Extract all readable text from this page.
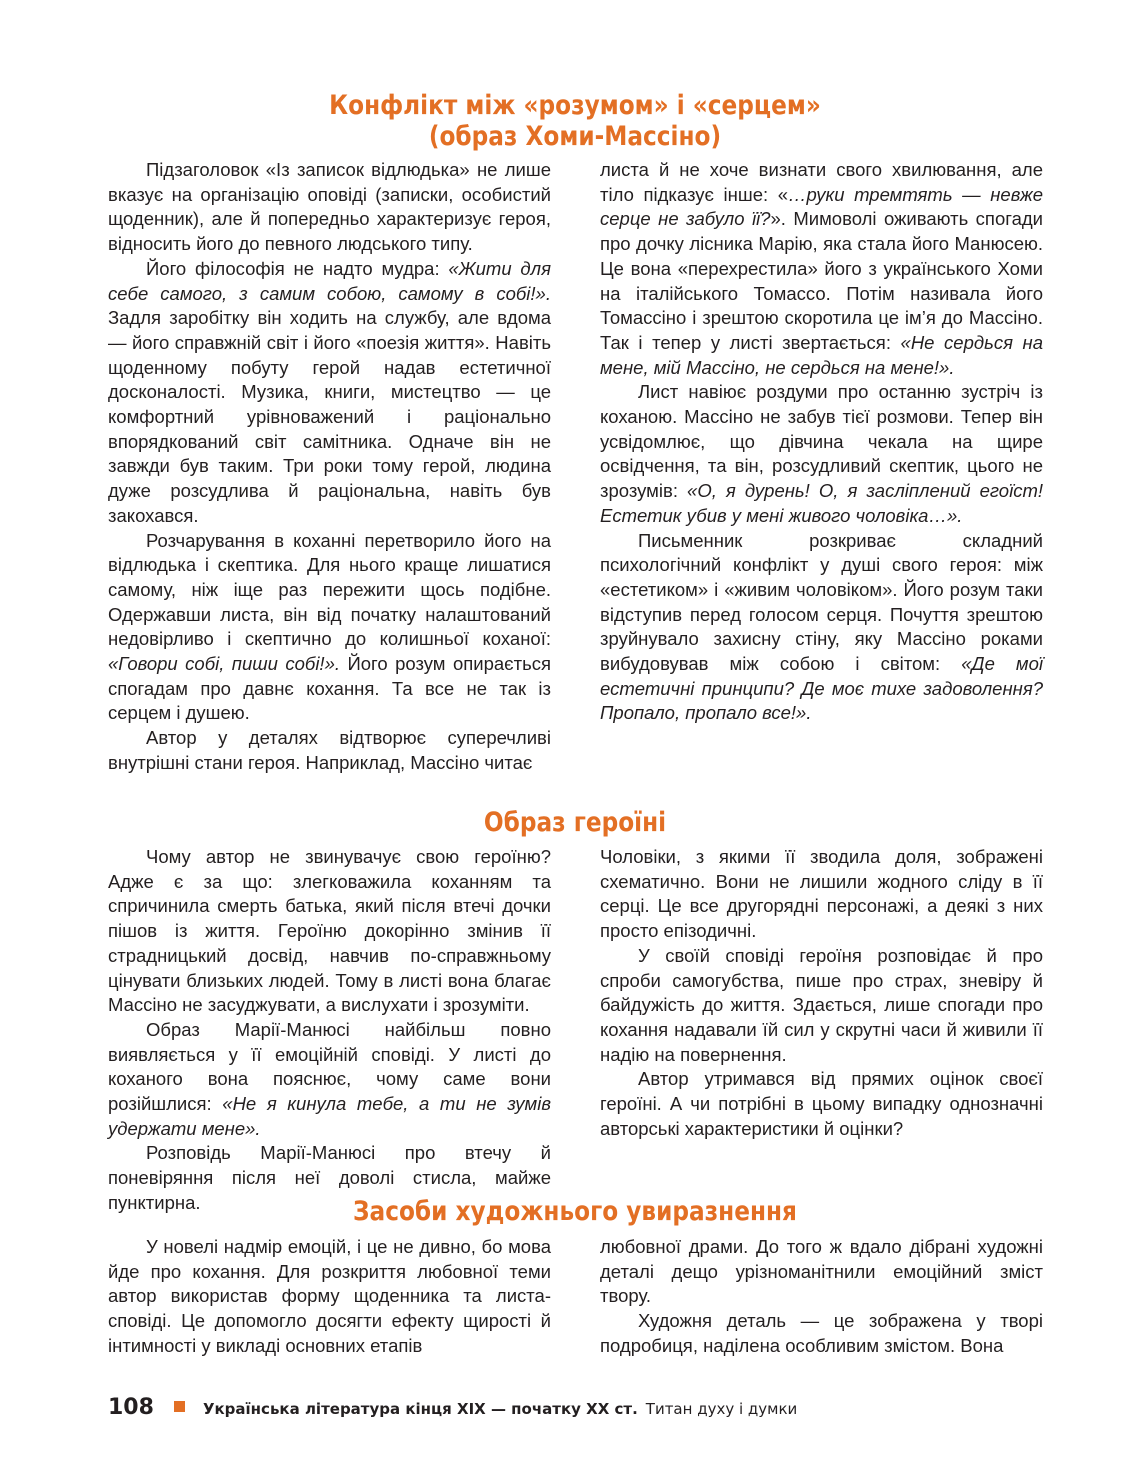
Конфлікт між «розумом» і «серцем»
(образ Хоми-Массіно)

Підзаголовок «Із записок відлюдька» не лише вказує на організацію оповіді (записки, особистий щоденник), але й попередньо характеризує героя, відносить його до певного людського типу.

Його філософія не надто мудра: «Жити для себе самого, з самим собою, самому в собі!». Задля заробітку він ходить на службу, але вдома — його справжній світ і його «поезія життя». Навіть щоденному побуту герой надав естетичної досконалості. Музика, книги, мистецтво — це комфортний урівноважений і раціонально впорядкований світ самітника. Одначе він не завжди був таким. Три роки тому герой, людина дуже розсудлива й раціональна, навіть був закохався.

Розчарування в коханні перетворило його на відлюдька і скептика. Для нього краще лишатися самому, ніж іще раз пережити щось подібне. Одержавши листа, він від початку налаштований недовірливо і скептично до колишньої коханої: «Говори собі, пиши собі!». Його розум опирається спогадам про давнє кохання. Та все не так із серцем і душею.

Автор у деталях відтворює суперечливі внутрішні стани героя. Наприклад, Массіно читає

листа й не хоче визнати свого хвилювання, але тіло підказує інше: «…руки тремтять — невже серце не забуло її?». Мимоволі оживають спогади про дочку лісника Марію, яка стала його Манюсею. Це вона «перехрестила» його з українського Хоми на італійського Томассо. Потім називала його Томассіно і зрештою скоротила це ім’я до Массіно. Так і тепер у листі звертається: «Не сердься на мене, мій Массіно, не сердься на мене!».

Лист навіює роздуми про останню зустріч із коханою. Массіно не забув тієї розмови. Тепер він усвідомлює, що дівчина чекала на щире освідчення, та він, розсудливий скептик, цього не зрозумів: «О, я дурень! О, я засліплений егоїст! Естетик убив у мені живого чоловіка…».

Письменник розкриває складний психологічний конфлікт у душі свого героя: між «естетиком» і «живим чоловіком». Його розум таки відступив перед голосом серця. Почуття зрештою зруйнувало захисну стіну, яку Массіно роками вибудовував між собою і світом: «Де мої естетичні принципи? Де моє тихе задоволення? Пропало, пропало все!».

Образ героїні

Чому автор не звинувачує свою героїню? Адже є за що: злегковажила коханням та спричинила смерть батька, який після втечі дочки пішов із життя. Героїню докорінно змінив її страдницький досвід, навчив по-справжньому цінувати близьких людей. Тому в листі вона благає Массіно не засуджувати, а вислухати і зрозуміти.

Образ Марії-Манюсі найбільш повно виявляється у її емоційній сповіді. У листі до коханого вона пояснює, чому саме вони розійшлися: «Не я кинула тебе, а ти не зумів удержати мене».

Розповідь Марії-Манюсі про втечу й поневіряння після неї доволі стисла, майже пунктирна.

Чоловіки, з якими її зводила доля, зображені схематично. Вони не лишили жодного сліду в її серці. Це все другорядні персонажі, а деякі з них просто епізодичні.

У своїй сповіді героїня розповідає й про спроби самогубства, пише про страх, зневіру й байдужість до життя. Здається, лише спогади про кохання надавали їй сил у скрутні часи й живили її надію на повернення.

Автор утримався від прямих оцінок своєї героїні. А чи потрібні в цьому випадку однозначні авторські характеристики й оцінки?

Засоби художнього увиразнення

У новелі надмір емоцій, і це не дивно, бо мова йде про кохання. Для розкриття любовної теми автор використав форму щоденника та листа-сповіді. Це допомогло досягти ефекту щирості й інтимності у викладі основних етапів

любовної драми. До того ж вдало дібрані художні деталі дещо урізноманітнили емоційний зміст твору.

Художня деталь — це зображена у творі подробиця, наділена особливим змістом. Вона

108	Українська література кінця ХІХ — початку ХХ ст. Титан духу і думки
